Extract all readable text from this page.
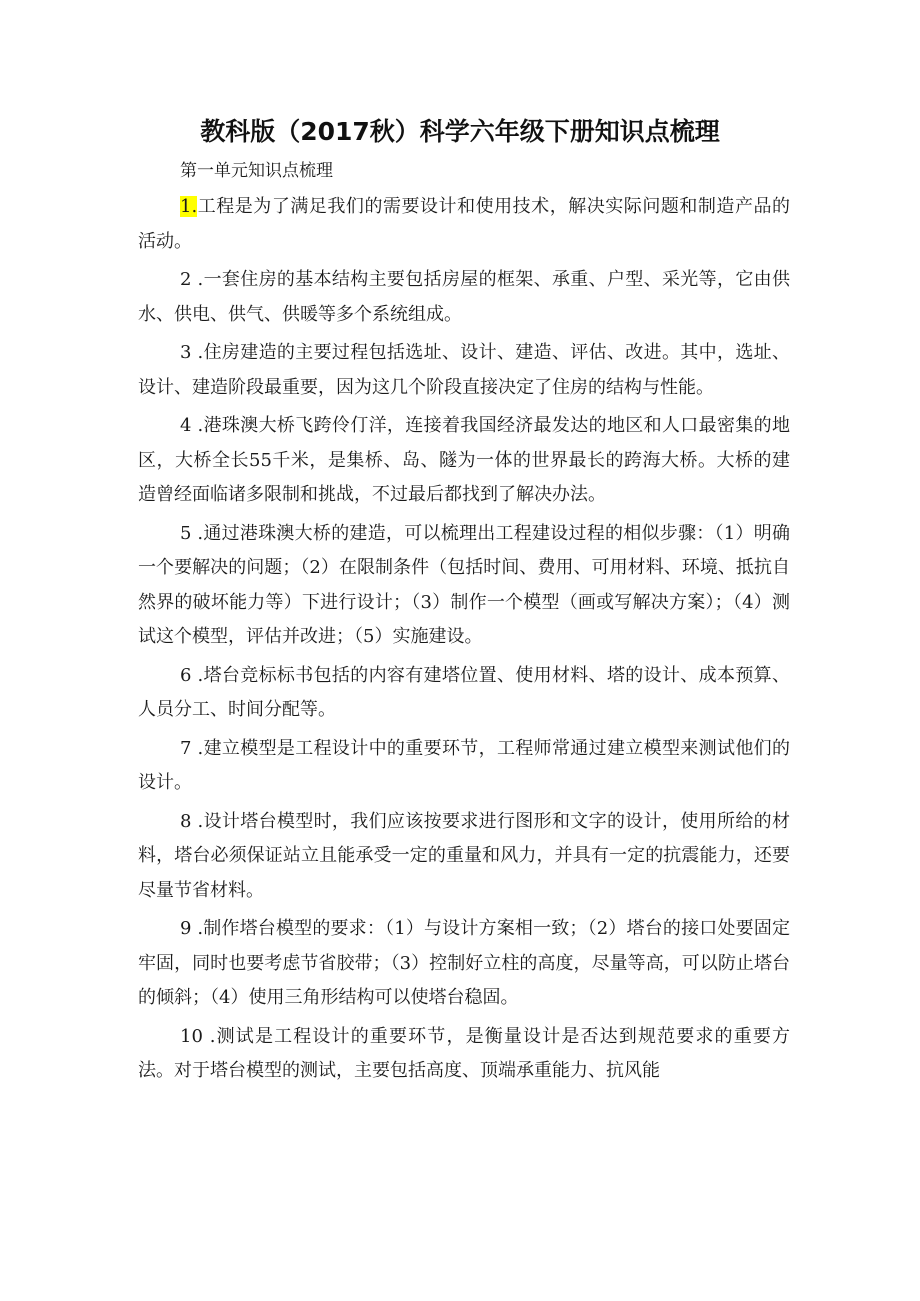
教科版（2017秋）科学六年级下册知识点梳理
第一单元知识点梳理

1.工程是为了满足我们的需要设计和使用技术，解决实际问题和制造产品的活动。

2 .一套住房的基本结构主要包括房屋的框架、承重、户型、采光等，它由供水、供电、供气、供暖等多个系统组成。

3 .住房建造的主要过程包括选址、设计、建造、评估、改进。其中，选址、设计、建造阶段最重要，因为这几个阶段直接决定了住房的结构与性能。

4 .港珠澳大桥飞跨伶仃洋，连接着我国经济最发达的地区和人口最密集的地区，大桥全长55千米，是集桥、岛、隧为一体的世界最长的跨海大桥。大桥的建造曾经面临诸多限制和挑战，不过最后都找到了解决办法。

5 .通过港珠澳大桥的建造，可以梳理出工程建设过程的相似步骤：（1）明确一个要解决的问题；（2）在限制条件（包括时间、费用、可用材料、环境、抵抗自然界的破坏能力等）下进行设计；（3）制作一个模型（画或写解决方案）；（4）测试这个模型，评估并改进；（5）实施建设。

6 .塔台竞标标书包括的内容有建塔位置、使用材料、塔的设计、成本预算、人员分工、时间分配等。

7 .建立模型是工程设计中的重要环节，工程师常通过建立模型来测试他们的设计。

8 .设计塔台模型时，我们应该按要求进行图形和文字的设计，使用所给的材料，塔台必须保证站立且能承受一定的重量和风力，并具有一定的抗震能力，还要尽量节省材料。

9 .制作塔台模型的要求：（1）与设计方案相一致；（2）塔台的接口处要固定牢固，同时也要考虑节省胶带；（3）控制好立柱的高度，尽量等高，可以防止塔台的倾斜；（4）使用三角形结构可以使塔台稳固。

10 .测试是工程设计的重要环节，是衡量设计是否达到规范要求的重要方法。对于塔台模型的测试，主要包括高度、顶端承重能力、抗风能
